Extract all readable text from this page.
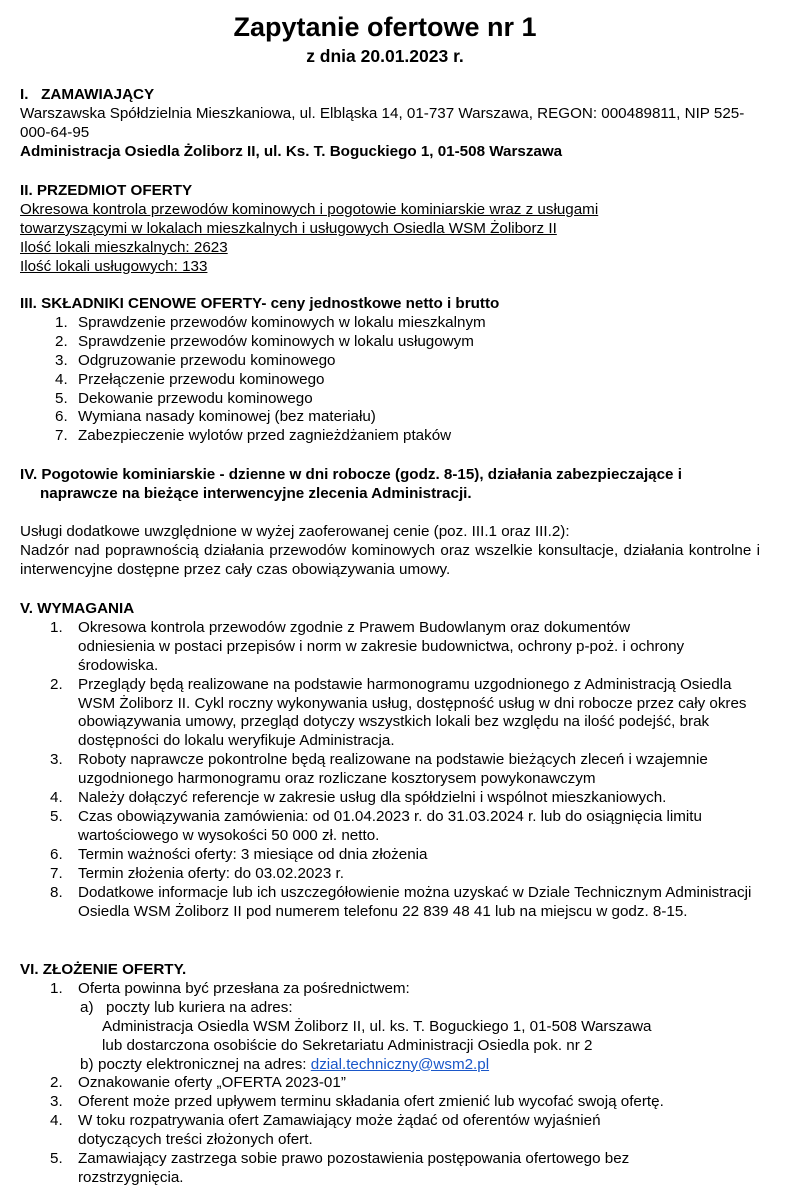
Zapytanie ofertowe nr 1
z dnia 20.01.2023 r.
I.   ZAMAWIAJĄCY
Warszawska Spółdzielnia Mieszkaniowa, ul. Elbląska 14, 01-737 Warszawa, REGON: 000489811, NIP 525-000-64-95
Administracja Osiedla Żoliborz II, ul. Ks. T. Boguckiego 1, 01-508 Warszawa
II. PRZEDMIOT OFERTY
Okresowa kontrola przewodów kominowych i pogotowie kominiarskie wraz z usługami towarzyszącymi w lokalach mieszkalnych i usługowych Osiedla WSM Żoliborz II
Ilość lokali mieszkalnych: 2623
Ilość lokali usługowych: 133
III. SKŁADNIKI CENOWE OFERTY- ceny jednostkowe netto i brutto
1. Sprawdzenie przewodów kominowych w lokalu mieszkalnym
2. Sprawdzenie przewodów kominowych w lokalu usługowym
3. Odgruzowanie przewodu kominowego
4. Przełączenie przewodu kominowego
5. Dekowanie przewodu kominowego
6. Wymiana nasady kominowej (bez materiału)
7. Zabezpieczenie wylotów przed zagnieżdżaniem ptaków
IV. Pogotowie kominiarskie - dzienne w dni robocze (godz. 8-15), działania zabezpieczające i
naprawcze na bieżące interwencyjne zlecenia Administracji.
Usługi dodatkowe uwzględnione w wyżej zaoferowanej cenie (poz. III.1 oraz III.2):
Nadzór nad poprawnością działania przewodów kominowych oraz wszelkie konsultacje, działania kontrolne i interwencyjne dostępne przez cały czas obowiązywania umowy.
V. WYMAGANIA
1. Okresowa kontrola przewodów zgodnie z Prawem Budowlanym oraz dokumentów odniesienia w postaci przepisów i norm w zakresie budownictwa, ochrony p-poż. i ochrony środowiska.
2. Przeglądy będą realizowane na podstawie harmonogramu uzgodnionego z Administracją Osiedla WSM Żoliborz II. Cykl roczny wykonywania usług, dostępność usług w dni robocze przez cały okres obowiązywania umowy, przegląd dotyczy wszystkich lokali bez względu na ilość podejść, brak dostępności do lokalu weryfikuje Administracja.
3. Roboty naprawcze pokontrolne będą realizowane na podstawie bieżących zleceń i wzajemnie uzgodnionego harmonogramu oraz rozliczane kosztorysem powykonawczym
4. Należy dołączyć referencje w zakresie usług dla spółdzielni i wspólnot mieszkaniowych.
5. Czas obowiązywania zamówienia: od 01.04.2023 r. do 31.03.2024 r. lub do osiągnięcia limitu wartościowego w wysokości 50 000 zł. netto.
6. Termin ważności oferty: 3 miesiące od dnia złożenia
7. Termin złożenia oferty: do 03.02.2023 r.
8. Dodatkowe informacje lub ich uszczegółowienie można uzyskać w Dziale Technicznym Administracji Osiedla WSM Żoliborz II pod numerem telefonu 22 839 48 41 lub na miejscu w godz. 8-15.
VI. ZŁOŻENIE OFERTY.
1. Oferta powinna być przesłana za pośrednictwem:
a) poczty lub kuriera na adres:
Administracja Osiedla WSM Żoliborz II, ul. ks. T. Boguckiego 1, 01-508 Warszawa
lub dostarczona osobiście do Sekretariatu Administracji Osiedla pok. nr 2
b) poczty elektronicznej na adres: dzial.techniczny@wsm2.pl
2. Oznakowanie oferty „OFERTA 2023-01”
3. Oferent może przed upływem terminu składania ofert zmienić lub wycofać swoją ofertę.
4. W toku rozpatrywania ofert Zamawiający może żądać od oferentów wyjaśnień dotyczących treści złożonych ofert.
5. Zamawiający zastrzega sobie prawo pozostawienia postępowania ofertowego bez rozstrzygnięcia.
